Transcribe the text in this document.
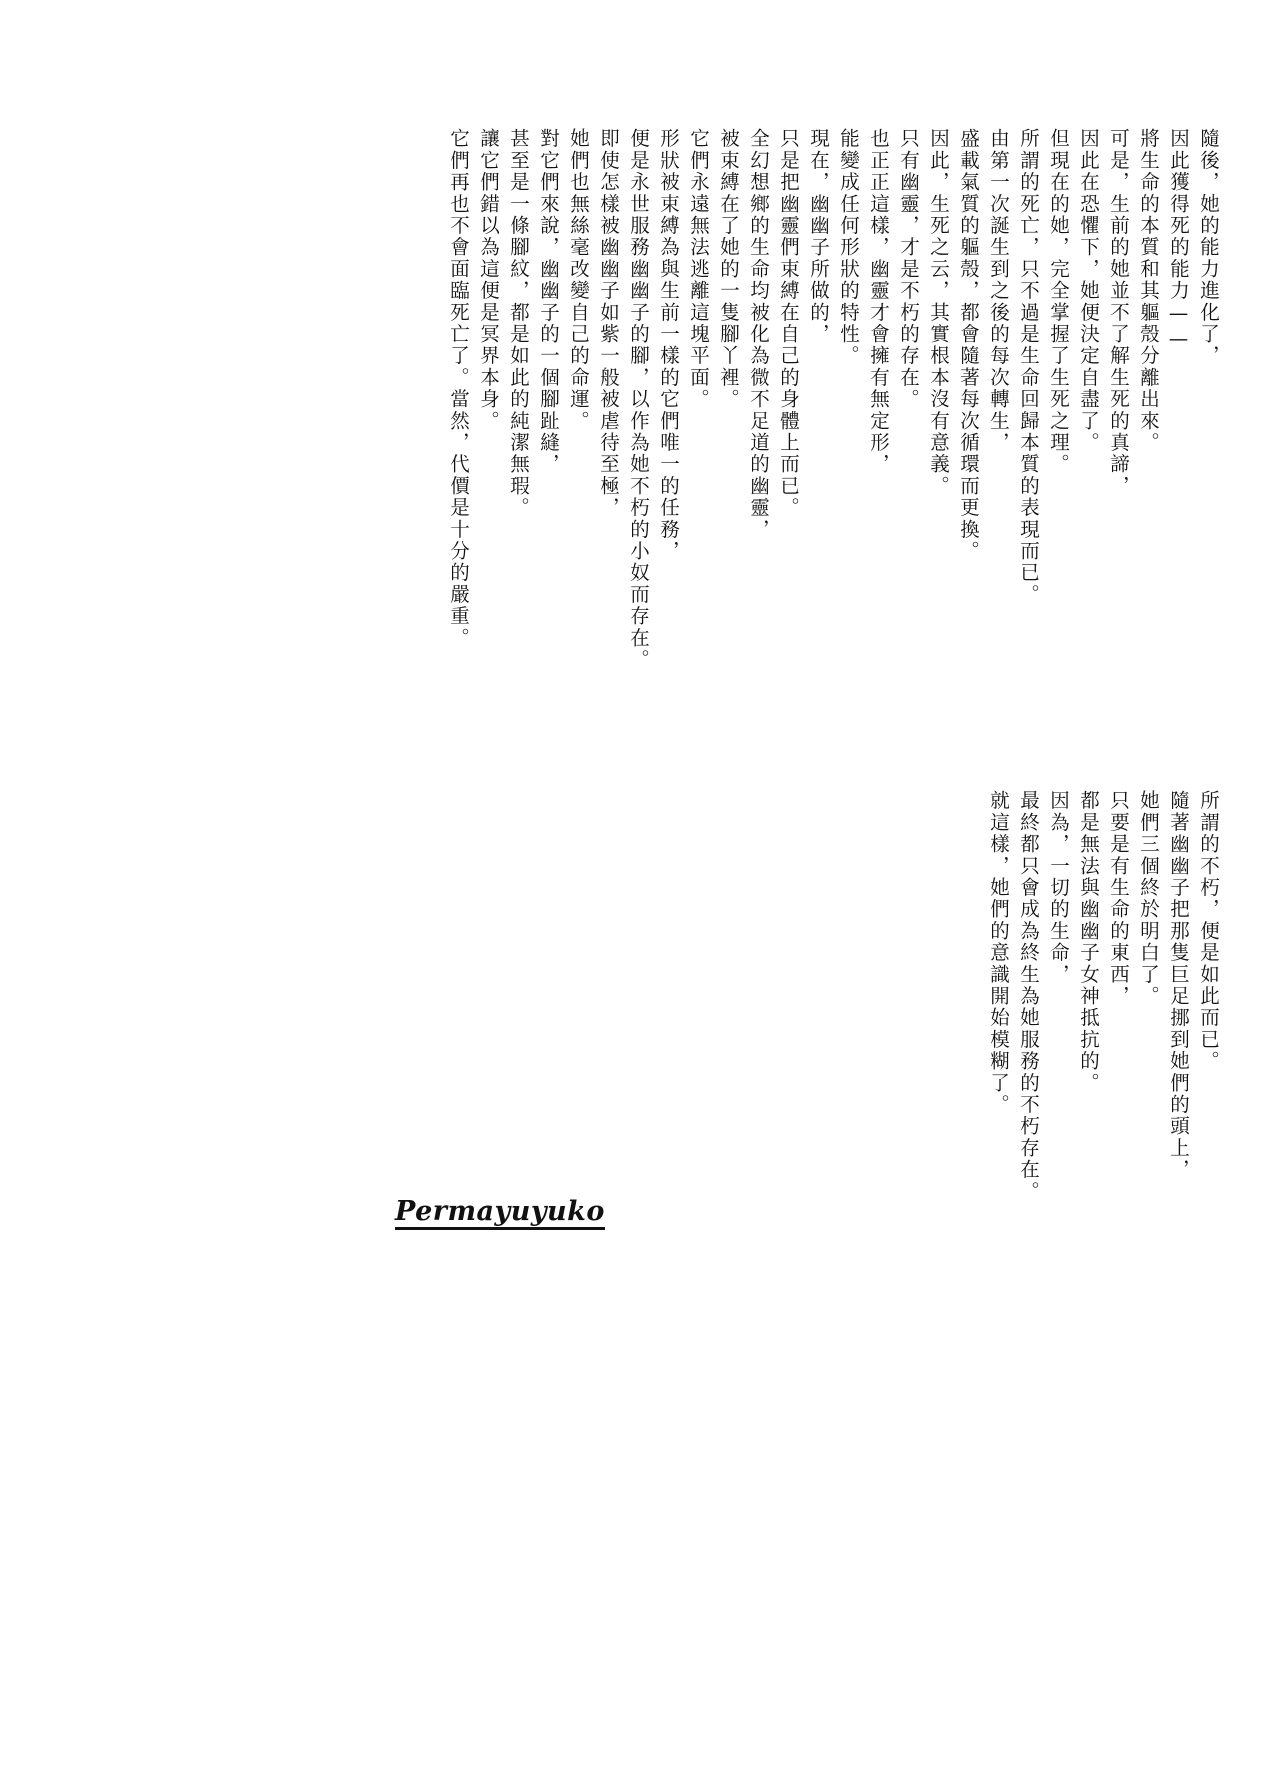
隨後，她的能力進化了，
因此獲得死的能力——
將生命的本質和其軀殼分離出來。
可是，生前的她並不了解生死的真諦，
因此在恐懼下，她便決定自盡了。
但現在的她，完全掌握了生死之理。
所謂的死亡，只不過是生命回歸本質的表現而已。
由第一次誕生到之後的每次轉生，
盛載氣質的軀殼，都會隨著每次循環而更換。
因此，生死之云，其實根本沒有意義。
只有幽靈，才是不朽的存在。
也正正這樣，幽靈才會擁有無定形，
能變成任何形狀的特性。
現在，幽幽子所做的，
只是把幽靈們束縛在自己的身體上而已。
全幻想鄉的生命均被化為微不足道的幽靈，
被束縛在了她的一隻腳丫裡。
它們永遠無法逃離這塊平面。
形狀被束縛為與生前一樣的它們唯一的任務，
便是永世服務幽幽子的腳，以作為她不朽的小奴而存在。
即使怎樣被幽幽子如紫一般被虐待至極，
她們也無絲毫改變自己的命運。
對它們來說，幽幽子的一個腳趾縫，
甚至是一條腳紋，都是如此的純潔無瑕。
讓它們錯以為這便是冥界本身。
它們再也不會面臨死亡了。當然，代價是十分的嚴重。
所謂的不朽，便是如此而已。
隨著幽幽子把那隻巨足挪到她們的頭上，
她們三個終於明白了。
只要是有生命的東西，
都是無法與幽幽子女神抵抗的。
因為，一切的生命，
最終都只會成為終生為她服務的不朽存在。
就這樣，她們的意識開始模糊了。
Permayuyuko
